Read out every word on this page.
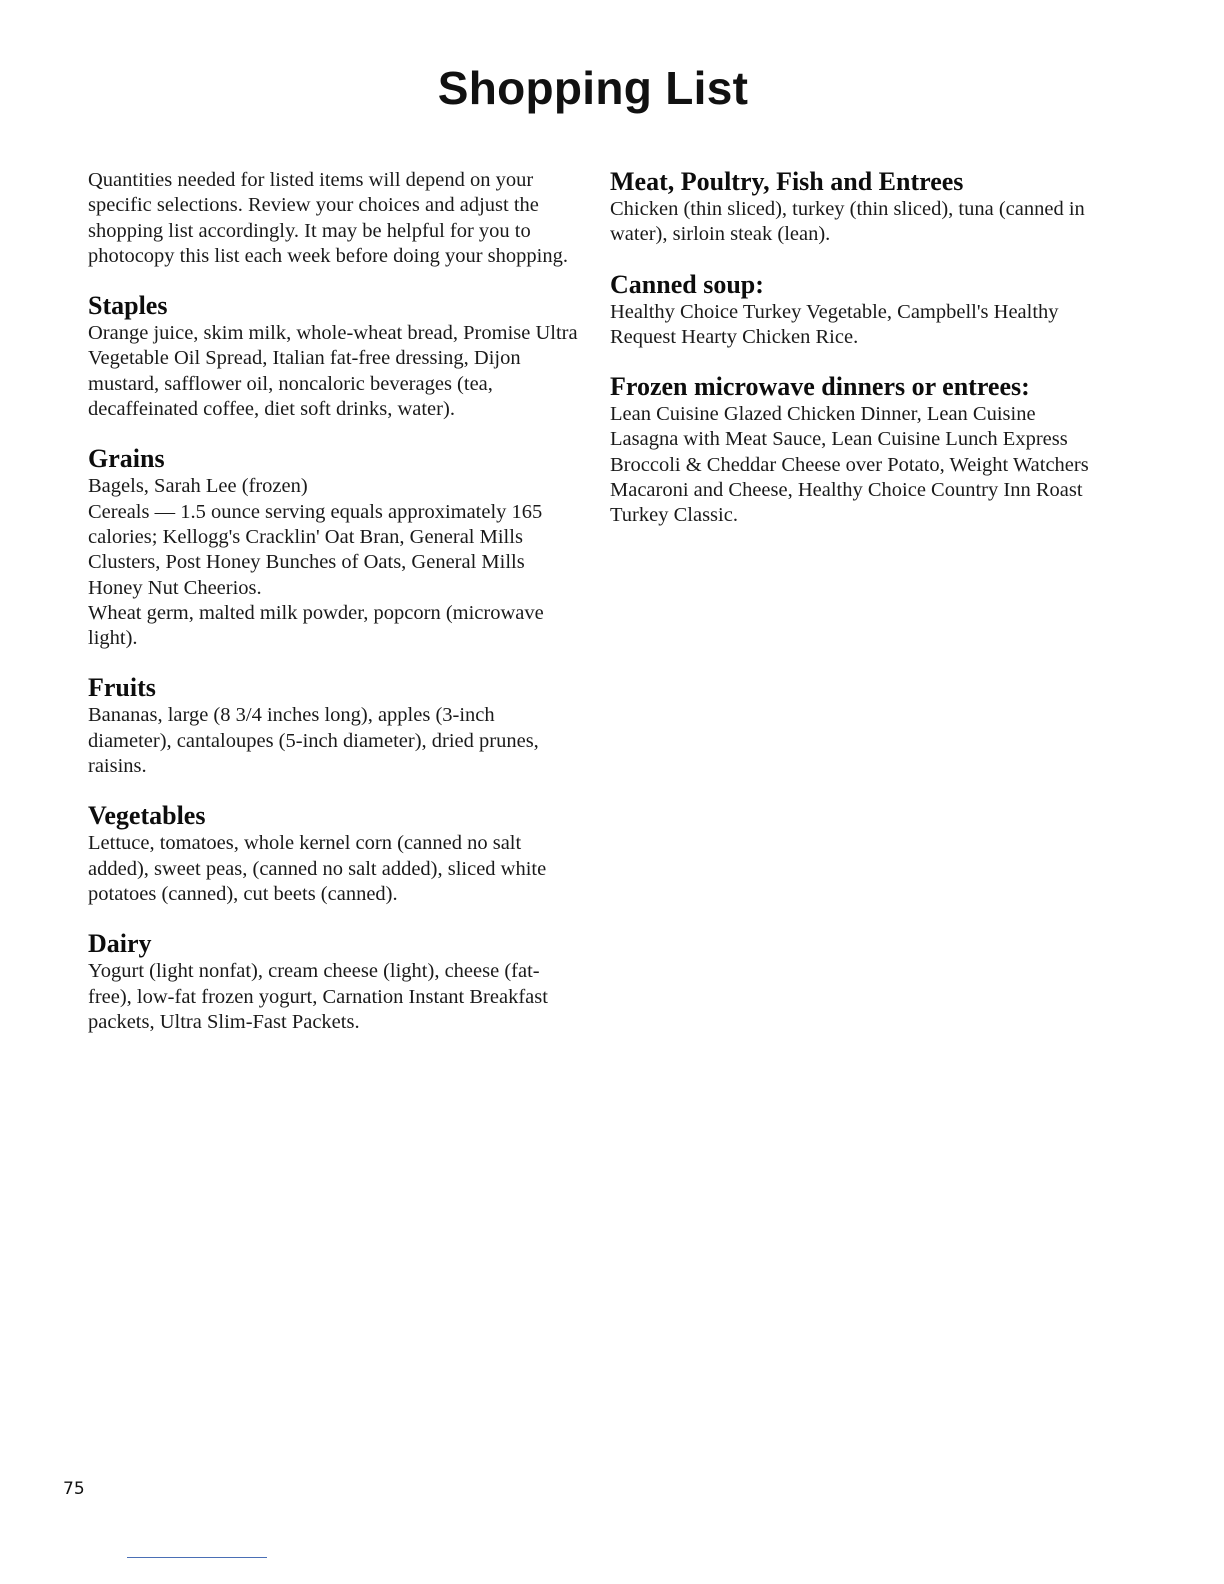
Shopping List

Quantities needed for listed items will depend on your specific selections. Review your choices and adjust the shopping list accordingly. It may be helpful for you to photocopy this list each week before doing your shopping.

Staples

Orange juice, skim milk, whole-wheat bread, Promise Ultra Vegetable Oil Spread, Italian fat-free dressing, Dijon mustard, safflower oil, noncaloric beverages (tea, decaffeinated coffee, diet soft drinks, water).

Grains

Bagels, Sarah Lee (frozen)

Cereals — 1.5 ounce serving equals approximately 165 calories; Kellogg's Cracklin' Oat Bran, General Mills Clusters, Post Honey Bunches of Oats, General Mills Honey Nut Cheerios.

Wheat germ, malted milk powder, popcorn (microwave light).

Fruits

Bananas, large (8 3/4 inches long), apples (3-inch diameter), cantaloupes (5-inch diameter), dried prunes, raisins.

Vegetables

Lettuce, tomatoes, whole kernel corn (canned no salt added), sweet peas, (canned no salt added), sliced white potatoes (canned), cut beets (canned).

Dairy

Yogurt (light nonfat), cream cheese (light), cheese (fat-free), low-fat frozen yogurt, Carnation Instant Breakfast packets, Ultra Slim-Fast Packets.

Meat, Poultry, Fish and Entrees

Chicken (thin sliced), turkey (thin sliced), tuna (canned in water), sirloin steak (lean).

Canned soup:

Healthy Choice Turkey Vegetable, Campbell's Healthy Request Hearty Chicken Rice.

Frozen microwave dinners or entrees:

Lean Cuisine Glazed Chicken Dinner, Lean Cuisine Lasagna with Meat Sauce, Lean Cuisine Lunch Express Broccoli & Cheddar Cheese over Potato, Weight Watchers Macaroni and Cheese, Healthy Choice Country Inn Roast Turkey Classic.

75
